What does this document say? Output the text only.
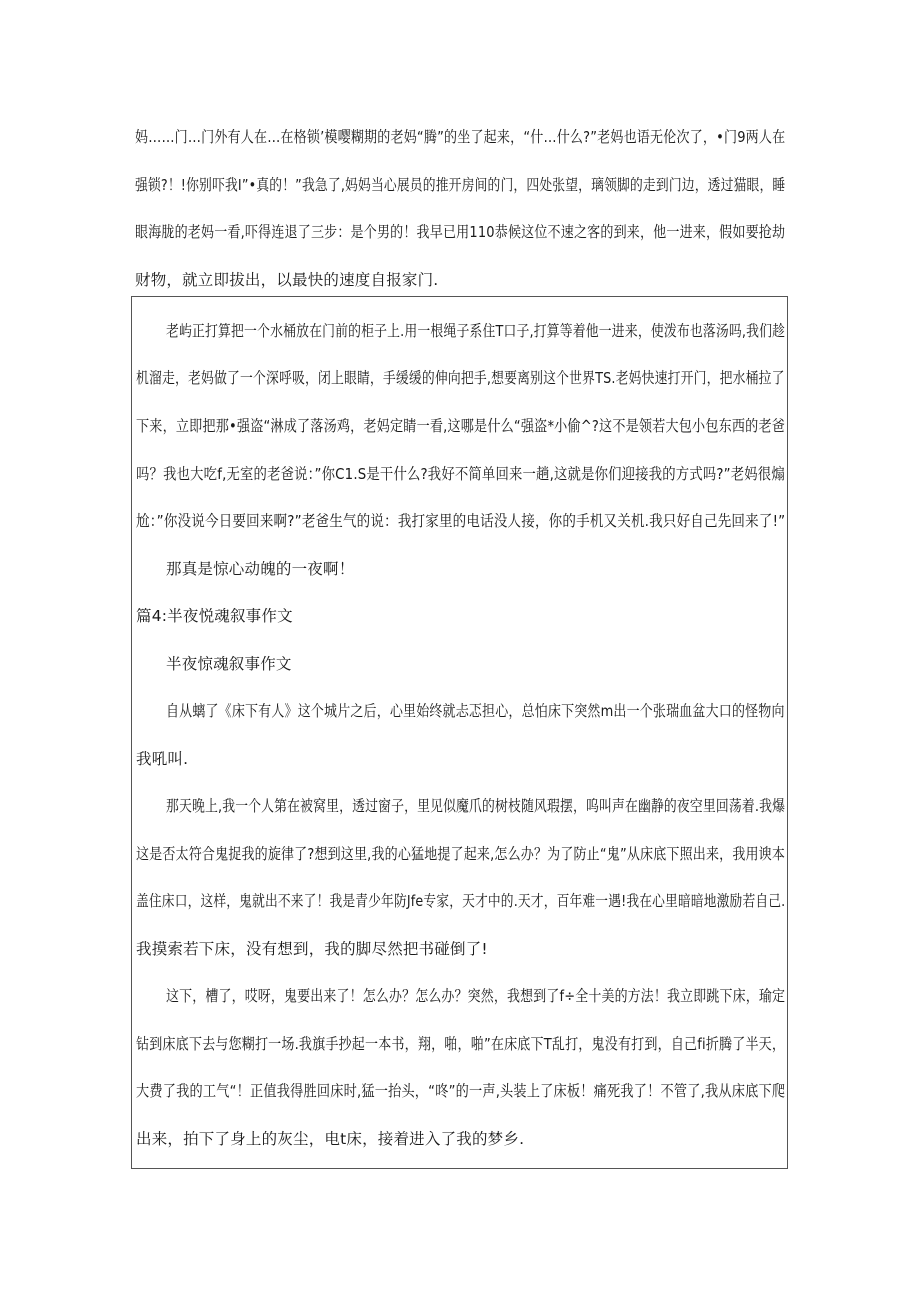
妈……门…门外有人在…在格锁’模嘤糊期的老妈“腾”的坐了起来，“什…什么?”老妈也语无伦次了，•门9两人在
强锁?！!你别吓我I”•真的！”我急了,妈妈当心展员的推开房间的门，四处张望，璃领脚的走到门边，透过猫眼，睡
眼海胧的老妈一看,吓得连退了三步：是个男的！我早已用110恭候这位不速之客的到来，他一进来，假如要抢劫
财物，就立即拔出，以最快的速度自报家门.
老屿正打算把一个水桶放在门前的柜子上.用一根绳子系住T口子,打算等着他一进来，使泼布也落汤吗,我们趁
机溜走，老妈做了一个深呼吸，闭上眼睛，手缓缓的伸向把手,想要离别这个世界TS.老妈快速打开门，把水桶拉了
下来，立即把那•强盗“淋成了落汤鸡，老妈定睛一看,这哪是什么“强盗*小偷^?这不是领若大包小包东西的老爸
吗？我也大吃f,无室的老爸说：”你C1.S是干什么?我好不简单回来一趟,这就是你们迎接我的方式吗?”老妈很煽
尬：”你没说今日要回来啊?”老爸生气的说：我打家里的电话没人接，你的手机又关机.我只好自己先回来了!”
那真是惊心动魄的一夜啊！
篇4:半夜悦魂叙事作文
半夜惊魂叙事作文
自从螭了《床下有人》这个城片之后，心里始终就忐忑担心，总怕床下突然m出一个张瑞血盆大口的怪物向
我吼叫.
那天晚上,我一个人第在被窝里，透过窗子，里见似魔爪的树枝随风瑕摆，呜叫声在幽静的夜空里回荡着.我爆
这是否太符合鬼捉我的旋律了?想到这里,我的心猛地提了起来,怎么办？为了防止“鬼”从床底下照出来，我用谀本
盖住床口，这样，鬼就出不来了！我是青少年防Jfe专家，天才中的.天才，百年难一遇!我在心里暗暗地激励若自己.
我摸索若下床，没有想到，我的脚尽然把书碰倒了!
这下，槽了，哎呀，鬼要出来了！怎么办？怎么办？突然，我想到了f÷全十美的方法！我立即跳下床，瑜定
钻到床底下去与您糊打一场.我旗手抄起一本书，翔，啪，啪”在床底下T乱打，鬼没有打到，自己fi折腾了半天，
大费了我的工气“！正值我得胜回床时,猛一抬头，“咚”的一声,头装上了床板！痛死我了！不管了,我从床底下爬
出来，拍下了身上的灰尘，电t床，接着进入了我的梦乡.
